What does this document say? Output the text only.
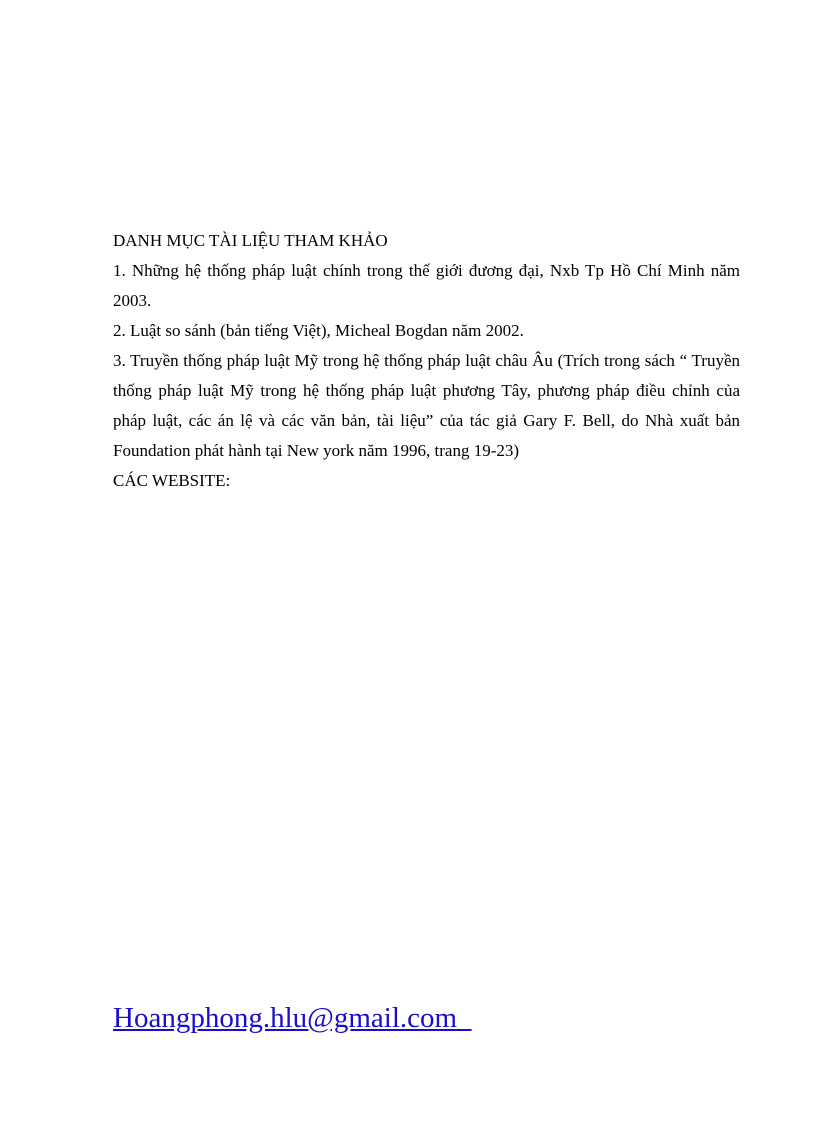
DANH MỤC TÀI LIỆU THAM KHẢO

1. Những hệ thống pháp luật chính trong thế giới đương đại, Nxb Tp Hồ Chí Minh năm 2003.

2. Luật so sánh (bản tiếng Việt), Micheal Bogdan năm 2002.

3. Truyền thống pháp luật Mỹ trong hệ thống pháp luật châu Âu (Trích trong sách “ Truyền thống pháp luật Mỹ trong hệ thống pháp luật phương Tây, phương pháp điều chỉnh của pháp luật, các án lệ và các văn bản, tài liệu” của tác giả Gary F. Bell, do Nhà xuất bản Foundation phát hành tại New york năm 1996, trang 19-23)

CÁC WEBSITE:
Hoangphong.hlu@gmail.com
